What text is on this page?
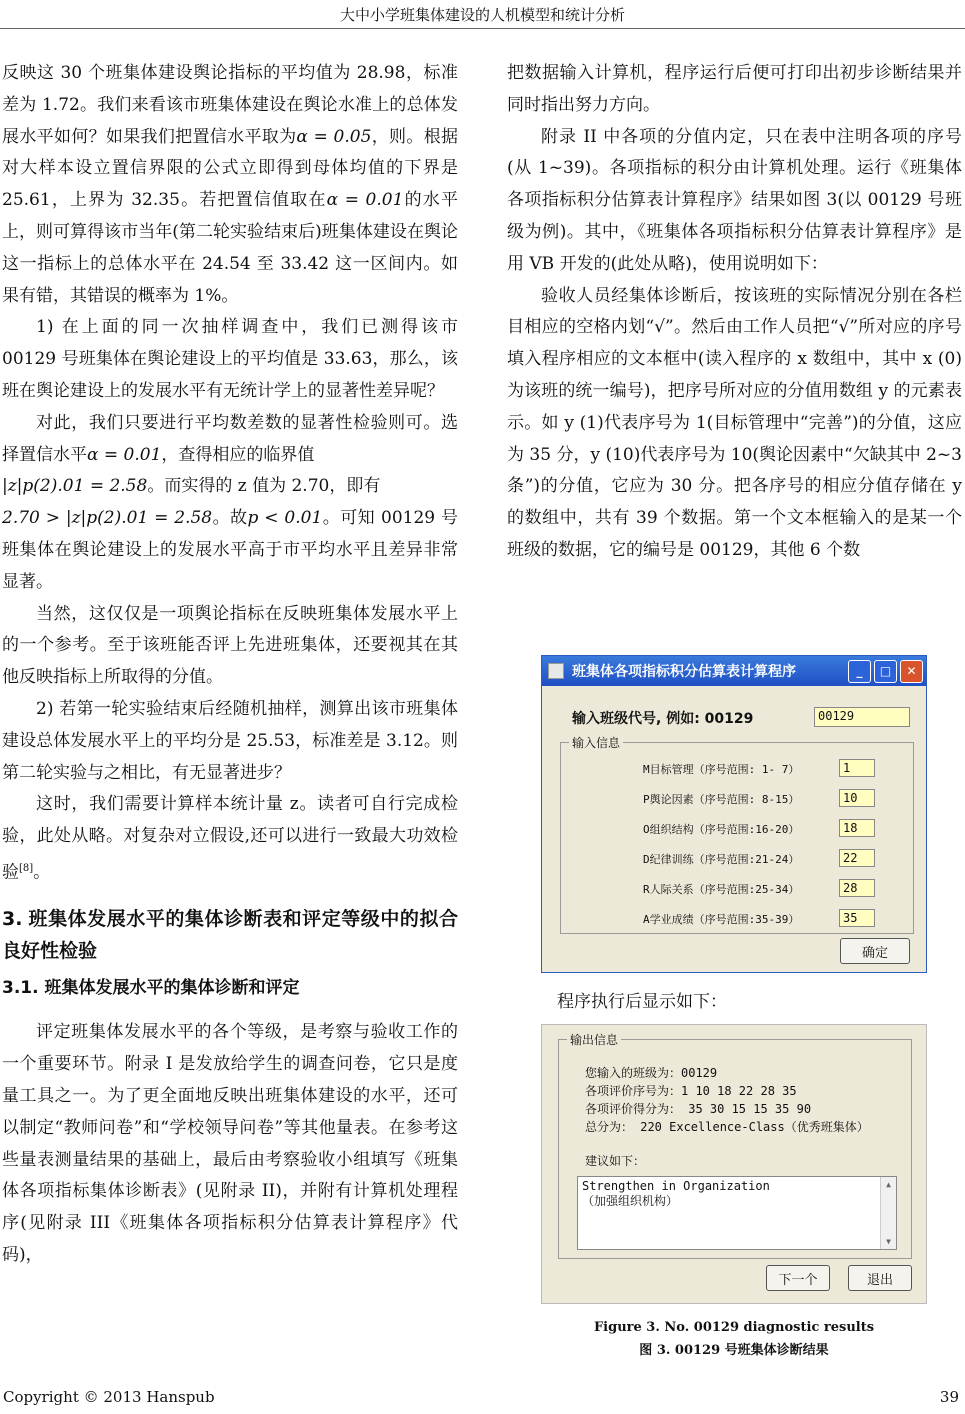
大中小学班集体建设的人机模型和统计分析

反映这 30 个班集体建设舆论指标的平均值为 28.98，标准差为 1.72。我们来看该市班集体建设在舆论水准上的总体发展水平如何？如果我们把置信水平取为α = 0.05，则。根据对大样本设立置信界限的公式立即得到母体均值的下界是 25.61，上界为 32.35。若把置信值取在α = 0.01的水平上，则可算得该市当年(第二轮实验结束后)班集体建设在舆论这一指标上的总体水平在 24.54 至 33.42 这一区间内。如果有错，其错误的概率为 1%。

1) 在上面的同一次抽样调查中，我们已测得该市 00129 号班集体在舆论建设上的平均值是 33.63，那么，该班在舆论建设上的发展水平有无统计学上的显著性差异呢？

对此，我们只要进行平均数差数的显著性检验则可。选择置信水平α = 0.01，查得相应的临界值
|z|p(2).01 = 2.58。而实得的 z 值为 2.70，即有
2.70 > |z|p(2).01 = 2.58。故p < 0.01。可知 00129 号班集体在舆论建设上的发展水平高于市平均水平且差异非常显著。

当然，这仅仅是一项舆论指标在反映班集体发展水平上的一个参考。至于该班能否评上先进班集体，还要视其在其他反映指标上所取得的分值。

2) 若第一轮实验结束后经随机抽样，测算出该市班集体建设总体发展水平上的平均分是 25.53，标准差是 3.12。则第二轮实验与之相比，有无显著进步？

这时，我们需要计算样本统计量 z。读者可自行完成检验，此处从略。对复杂对立假设,还可以进行一致最大功效检验[8]。

3. 班集体发展水平的集体诊断表和评定等级中的拟合良好性检验
3.1. 班集体发展水平的集体诊断和评定

评定班集体发展水平的各个等级，是考察与验收工作的一个重要环节。附录 I 是发放给学生的调查问卷，它只是度量工具之一。为了更全面地反映出班集体建设的水平，还可以制定“教师问卷”和“学校领导问卷”等其他量表。在参考这些量表测量结果的基础上，最后由考察验收小组填写《班集体各项指标集体诊断表》(见附录 II)，并附有计算机处理程序(见附录 III《班集体各项指标积分估算表计算程序》代码)，

把数据输入计算机，程序运行后便可打印出初步诊断结果并同时指出努力方向。

附录 II 中各项的分值内定，只在表中注明各项的序号(从 1~39)。各项指标的积分由计算机处理。运行《班集体各项指标积分估算表计算程序》结果如图 3(以 00129 号班级为例)。其中，《班集体各项指标积分估算表计算程序》是用 VB 开发的(此处从略)，使用说明如下：

验收人员经集体诊断后，按该班的实际情况分别在各栏目相应的空格内划“√”。然后由工作人员把“√”所对应的序号填入程序相应的文本框中(读入程序的 x 数组中，其中 x (0)为该班的统一编号)，把序号所对应的分值用数组 y 的元素表示。如 y (1)代表序号为 1(目标管理中“完善”)的分值，这应为 35 分，y (10)代表序号为 10(舆论因素中“欠缺其中 2~3 条”)的分值，它应为 30 分。把各序号的相应分值存储在 y 的数组中，共有 39 个数据。第一个文本框输入的是某一个班级的数据，它的编号是 00129，其他 6 个数

班集体各项指标积分估算表计算程序	_	□	✕
输入班级代号, 例如: 00129	00129
输入信息
M目标管理（序号范围: 1- 7）	1
P舆论因素（序号范围: 8-15）	10
O组织结构（序号范围:16-20）	18
D纪律训练（序号范围:21-24）	22
R人际关系（序号范围:25-34）	28
A学业成绩（序号范围:35-39）	35
确定
程序执行后显示如下：
输出信息
您输入的班级为：00129
各项评价序号为：1 10 18 22 28 35
各项评价得分为： 35 30 15 15 35 90
总分为： 220 Excellence-Class（优秀班集体）
建议如下：
Strengthen in Organization
（加强组织机构）
▲
▼
下一个	退出
Figure 3. No. 00129 diagnostic results
图 3. 00129 号班集体诊断结果
Copyright © 2013 Hanspub	39
